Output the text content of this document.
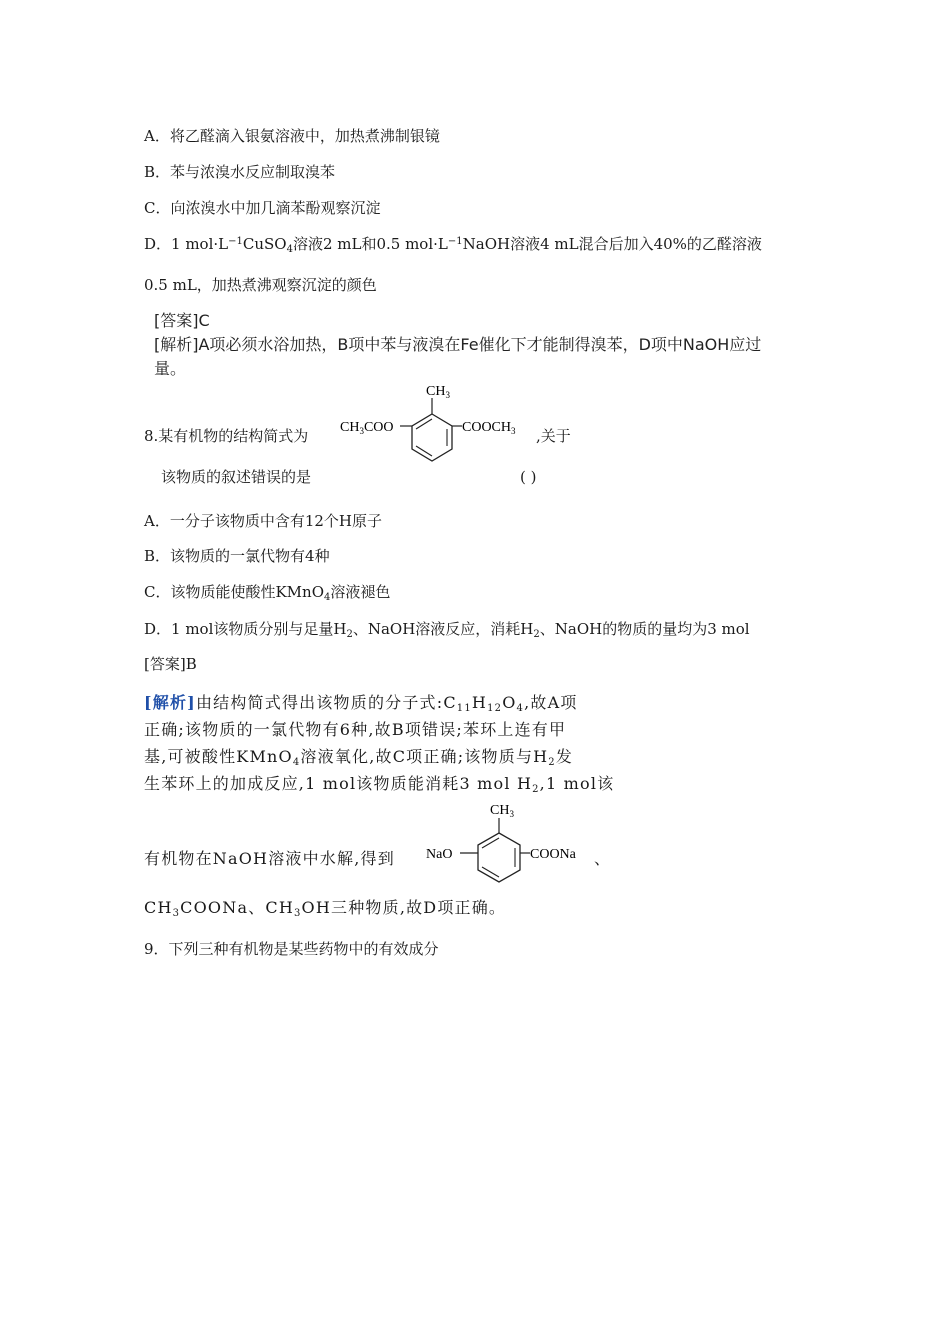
A．将乙醛滴入银氨溶液中，加热煮沸制银镜
B．苯与浓溴水反应制取溴苯
C．向浓溴水中加几滴苯酚观察沉淀
D．1 $mol\cdot L^{-1}CuSO_4$溶液2 mL和0.5 $mol\cdot L^{-1}NaOH$溶液4 mL混合后加入40%的乙醛溶液
0.5 mL，加热煮沸观察沉淀的颜色
[答案]C
[解析]A项必须水浴加热，B项中苯与液溴在Fe催化下才能制得溴苯，D项中NaOH应过
量。
8.某有机物的结构简式为
$CH_3$
$CH_3COO$	$COOCH_3$ ,关于
该物质的叙述错误的是	( )
A．一分子该物质中含有12个H原子
B．该物质的一氯代物有4种
C．该物质能使酸性KMnO$_4$溶液褪色
D．1 mol该物质分别与足量$H_2$、NaOH溶液反应，消耗$H_2$、NaOH的物质的量均为3 mol
[答案]B
[解析]由结构简式得出该物质的分子式$:C_{11}H_{12}O_4$,故A项
正确;该物质的一氯代物有6种,故B项错误;苯环上连有甲
基,可被酸性KMnO$_4$溶液氧化,故C项正确;该物质与$H_2$发
生苯环上的加成反应,1 mol该物质能消耗3 mol $H_2,1$ mol该
有机物在NaOH溶液中水解,得到
$CH_3$
NaO	COONa 、
$CH_3COONa$、$CH_3OH$三种物质,故D项正确。
9．下列三种有机物是某些药物中的有效成分
